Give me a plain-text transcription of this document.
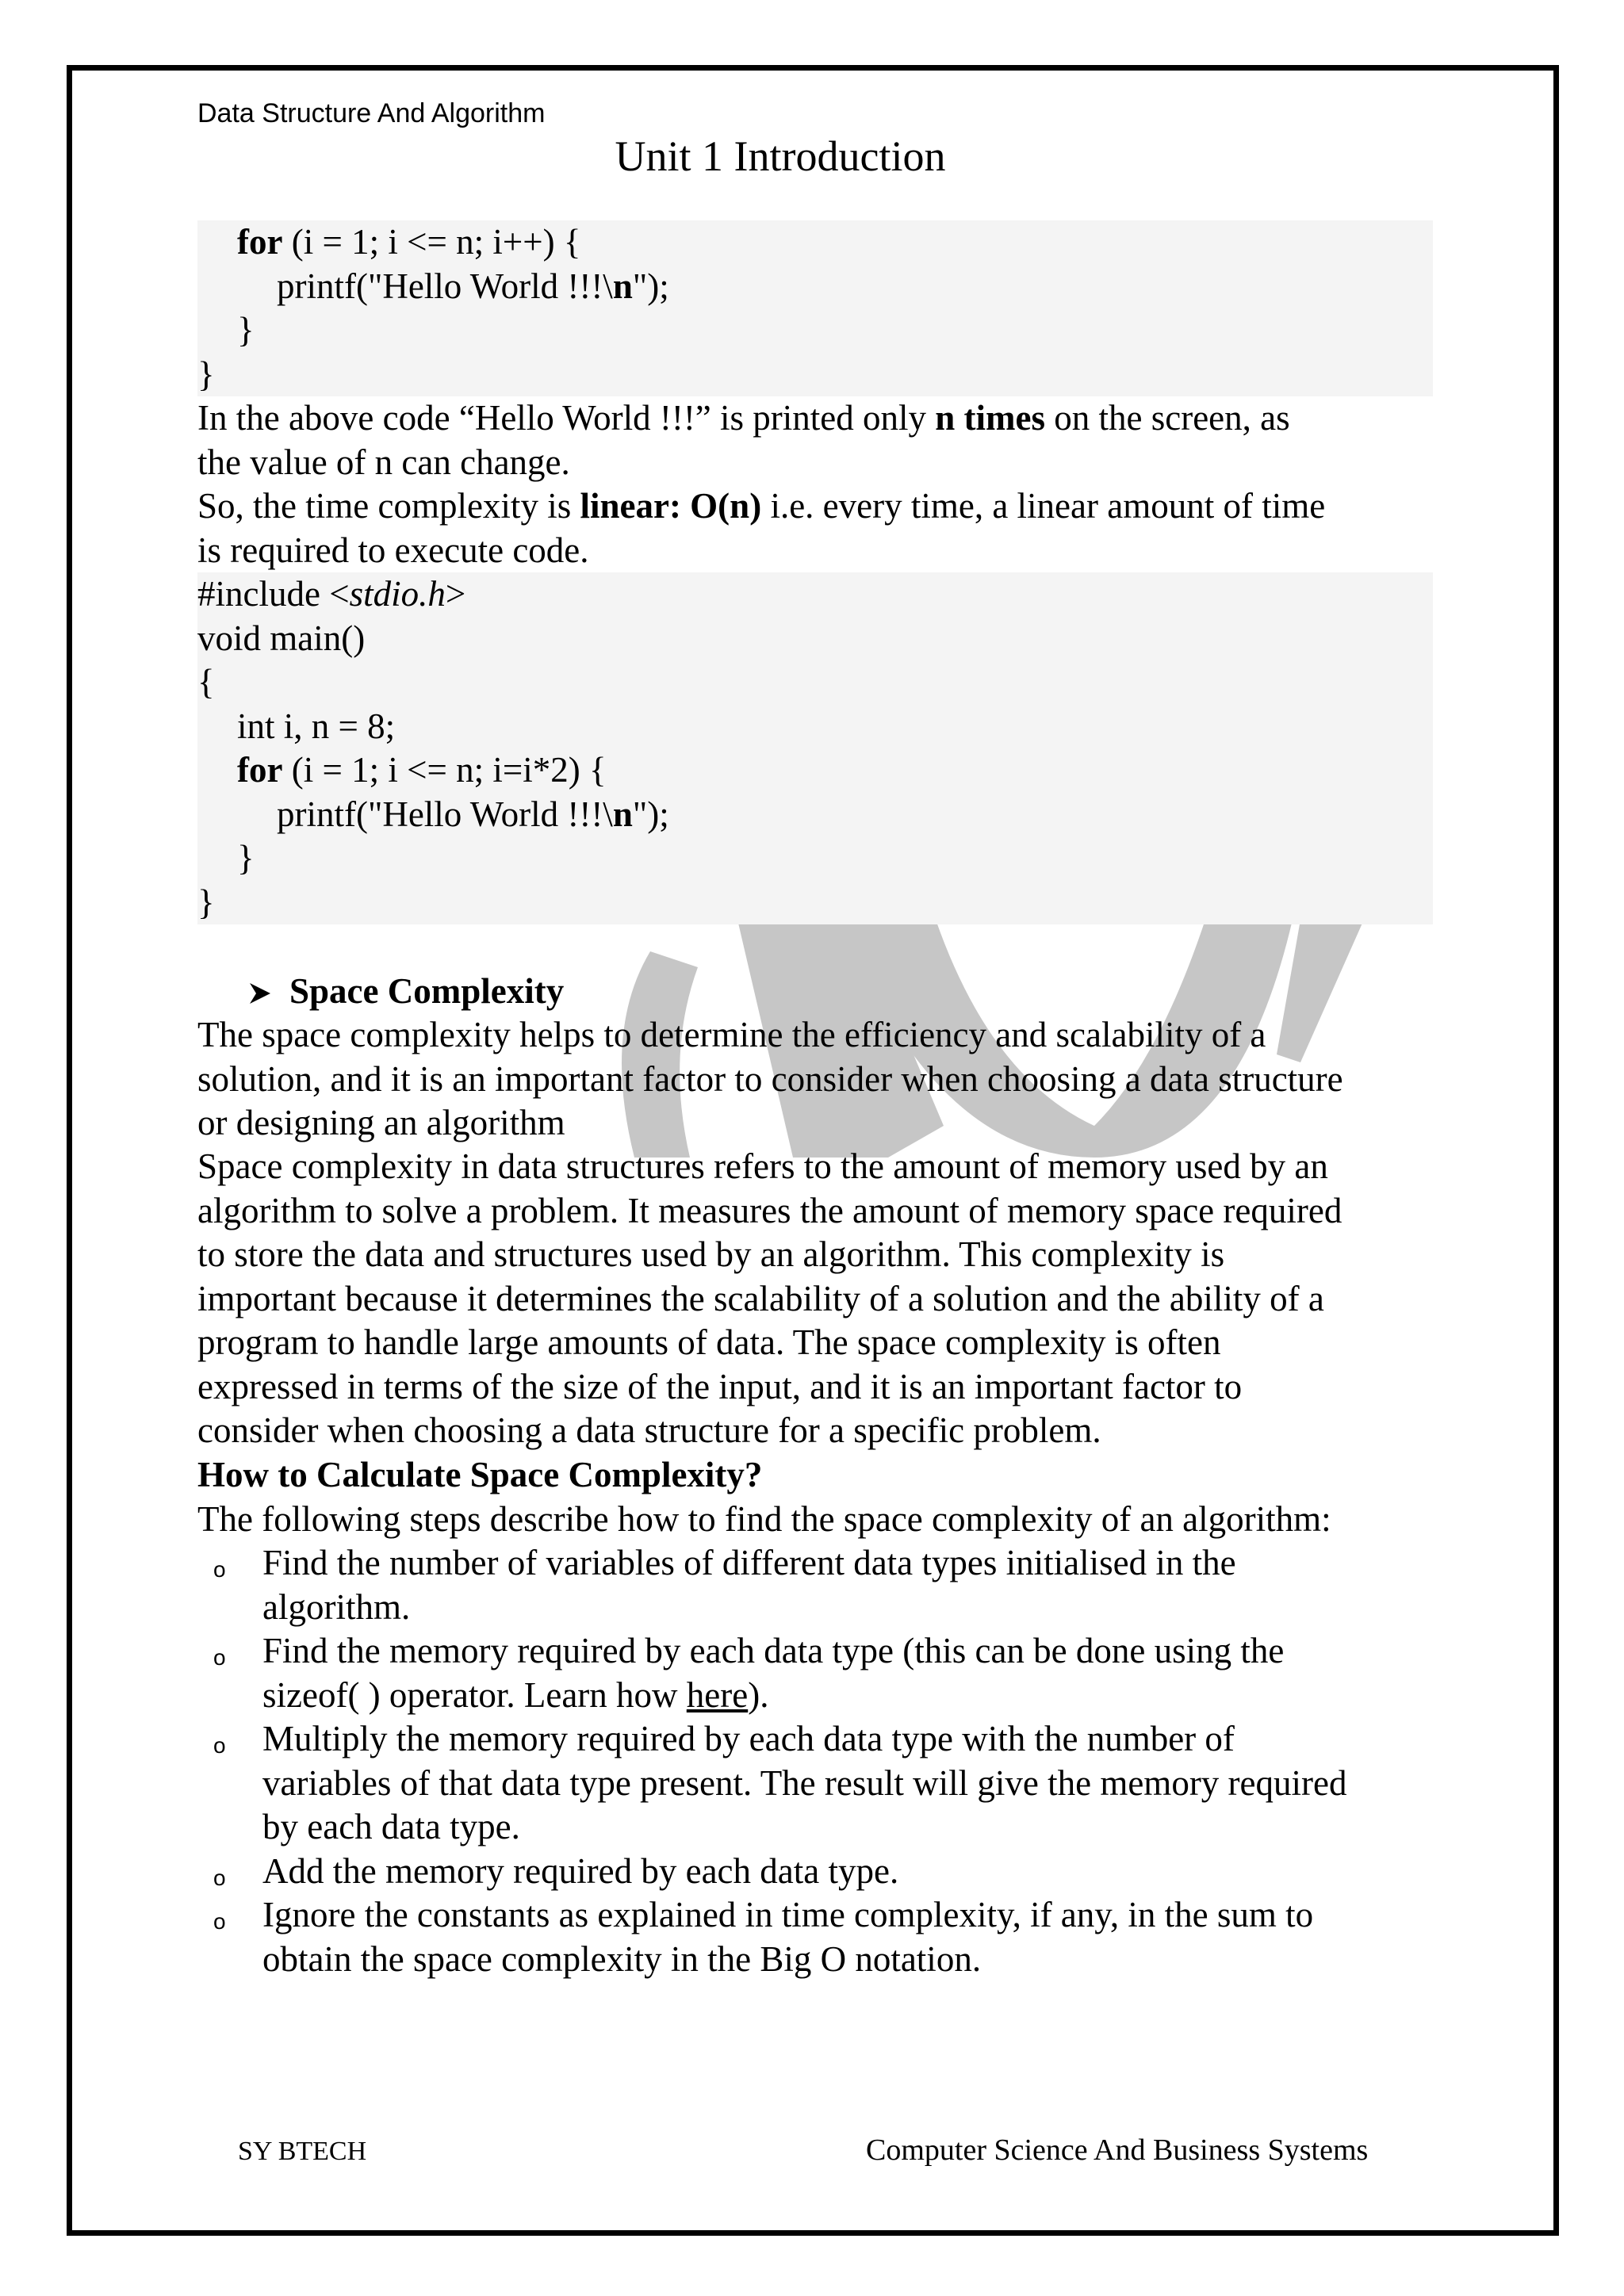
Data Structure And Algorithm
Unit 1 Introduction
for (i = 1; i <= n; i++) {
printf("Hello World !!!\n");
}
}
In the above code “Hello World !!!” is printed only n times on the screen, as
the value of n can change.
So, the time complexity is linear: O(n) i.e. every time, a linear amount of time
is required to execute code.
#include <stdio.h>
void main()
{
int i, n = 8;
for (i = 1; i <= n; i=i*2) {
printf("Hello World !!!\n");
}
}
Space Complexity
The space complexity helps to determine the efficiency and scalability of a
solution, and it is an important factor to consider when choosing a data structure
or designing an algorithm
Space complexity in data structures refers to the amount of memory used by an
algorithm to solve a problem. It measures the amount of memory space required
to store the data and structures used by an algorithm. This complexity is
important because it determines the scalability of a solution and the ability of a
program to handle large amounts of data. The space complexity is often
expressed in terms of the size of the input, and it is an important factor to
consider when choosing a data structure for a specific problem.
How to Calculate Space Complexity?
The following steps describe how to find the space complexity of an algorithm:
o Find the number of variables of different data types initialised in the
algorithm.
o Find the memory required by each data type (this can be done using the
sizeof( ) operator. Learn how here).
o Multiply the memory required by each data type with the number of
variables of that data type present. The result will give the memory required
by each data type.
o Add the memory required by each data type.
o Ignore the constants as explained in time complexity, if any, in the sum to
obtain the space complexity in the Big O notation.
SY BTECH	Computer Science And Business Systems
